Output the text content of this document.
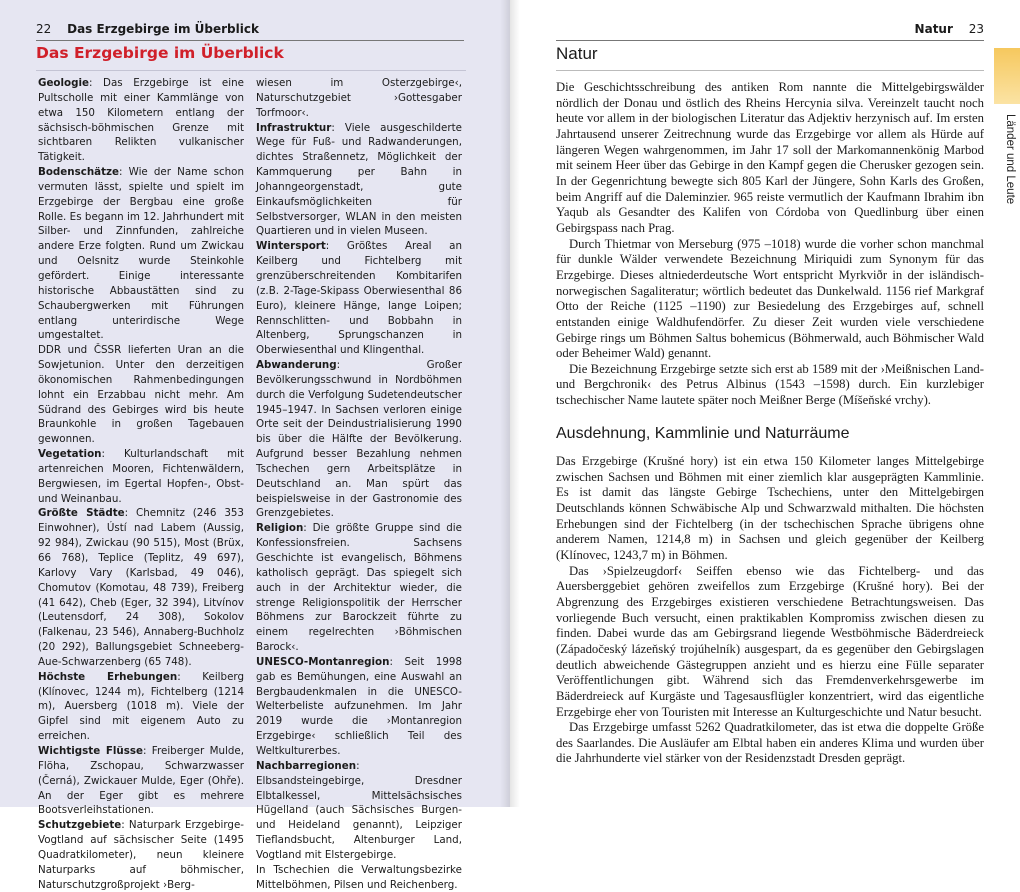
22 Das Erzgebirge im Überblick
Das Erzgebirge im Überblick

Geologie: Das Erzgebirge ist eine Pultscholle mit einer Kammlänge von etwa 150 Kilometern entlang der sächsisch-böhmischen Grenze mit sichtbaren Relikten vulkanischer Tätigkeit.

Bodenschätze: Wie der Name schon vermuten lässt, spielte und spielt im Erzgebirge der Bergbau eine große Rolle. Es begann im 12. Jahrhundert mit Silber- und Zinnfunden, zahlreiche andere Erze folgten. Rund um Zwickau und Oelsnitz wurde Steinkohle gefördert. Einige interessante historische Abbaustätten sind zu Schaubergwerken mit Führungen entlang unterirdische Wege umgestaltet.

DDR und ČSSR lieferten Uran an die Sowjetunion. Unter den derzeitigen ökonomischen Rahmenbedingungen lohnt ein Erzabbau nicht mehr. Am Südrand des Gebirges wird bis heute Braunkohle in großen Tagebauen gewonnen.

Vegetation: Kulturlandschaft mit artenreichen Mooren, Fichtenwäldern, Bergwiesen, im Egertal Hopfen-, Obst- und Weinanbau.

Größte Städte: Chemnitz (246 353 Einwohner), Ústí nad Labem (Aussig, 92 984), Zwickau (90 515), Most (Brüx, 66 768), Teplice (Teplitz, 49 697), Karlovy Vary (Karlsbad, 49 046), Chomutov (Komotau, 48 739), Freiberg (41 642), Cheb (Eger, 32 394), Litvínov (Leutensdorf, 24 308), Sokolov (Falkenau, 23 546), Annaberg-Buchholz (20 292), Ballungsgebiet Schneeberg-Aue-Schwarzenberg (65 748).

Höchste Erhebungen: Keilberg (Klínovec, 1244 m), Fichtelberg (1214 m), Auersberg (1018 m). Viele der Gipfel sind mit eigenem Auto zu erreichen.

Wichtigste Flüsse: Freiberger Mulde, Flöha, Zschopau, Schwarzwasser (Černá), Zwickauer Mulde, Eger (Ohře). An der Eger gibt es mehrere Bootsverleihstationen.

Schutzgebiete: Naturpark Erzgebirge-Vogtland auf sächsischer Seite (1495 Quadratkilometer), neun kleinere Naturparks auf böhmischer, Naturschutzgroßprojekt ›Berg-

wiesen im Osterzgebirge‹, Naturschutzgebiet ›Gottesgaber Torfmoor‹.

Infrastruktur: Viele ausgeschilderte Wege für Fuß- und Radwanderungen, dichtes Straßennetz, Möglichkeit der Kammquerung per Bahn in Johanngeorgenstadt, gute Einkaufsmöglichkeiten für Selbstversorger, WLAN in den meisten Quartieren und in vielen Museen.

Wintersport: Größtes Areal an Keilberg und Fichtelberg mit grenzüberschreitenden Kombitarifen (z.B. 2-Tage-Skipass Oberwiesenthal 86 Euro), kleinere Hänge, lange Loipen; Rennschlitten- und Bobbahn in Altenberg, Sprungschanzen in Oberwiesenthal und Klingenthal.

Abwanderung: Großer Bevölkerungsschwund in Nordböhmen durch die Verfolgung Sudetendeutscher 1945–1947. In Sachsen verloren einige Orte seit der Deindustrialisierung 1990 bis über die Hälfte der Bevölkerung. Aufgrund besser Bezahlung nehmen Tschechen gern Arbeitsplätze in Deutschland an. Man spürt das beispielsweise in der Gastronomie des Grenzgebietes.

Religion: Die größte Gruppe sind die Konfessionsfreien. Sachsens Geschichte ist evangelisch, Böhmens katholisch geprägt. Das spiegelt sich auch in der Architektur wieder, die strenge Religionspolitik der Herrscher Böhmens zur Barockzeit führte zu einem regelrechten ›Böhmischen Barock‹.

UNESCO-Montanregion: Seit 1998 gab es Bemühungen, eine Auswahl an Bergbaudenkmalen in die UNESCO-Welterbeliste aufzunehmen. Im Jahr 2019 wurde die ›Montanregion Erzgebirge‹ schließlich Teil des Weltkulturerbes.

Nachbarregionen: Elbsandsteingebirge, Dresdner Elbtalkessel, Mittelsächsisches Hügelland (auch Sächsisches Burgen- und Heideland genannt), Leipziger Tieflandsbucht, Altenburger Land, Vogtland mit Elstergebirge.

In Tschechien die Verwaltungsbezirke Mittelböhmen, Pilsen und Reichenberg.

Natur 23
Natur

Die Geschichtsschreibung des antiken Rom nannte die Mittelgebirgswälder nördlich der Donau und östlich des Rheins Hercynia silva. Vereinzelt taucht noch heute vor allem in der biologischen Literatur das Adjektiv herzynisch auf. Im ersten Jahrtausend unserer Zeitrechnung wurde das Erzgebirge vor allem als Hürde auf längeren Wegen wahrgenommen, im Jahr 17 soll der Markomannenkönig Marbod mit seinem Heer über das Gebirge in den Kampf gegen die Cherusker gezogen sein. In der Gegenrichtung bewegte sich 805 Karl der Jüngere, Sohn Karls des Großen, beim Angriff auf die Daleminzier. 965 reiste vermutlich der Kaufmann Ibrahim ibn Yaqub als Gesandter des Kalifen von Córdoba von Quedlinburg über einen Gebirgspass nach Prag.

Durch Thietmar von Merseburg (975 –1018) wurde die vorher schon manchmal für dunkle Wälder verwendete Bezeichnung Miriquidi zum Synonym für das Erzgebirge. Dieses altniederdeutsche Wort entspricht Myrkviðr in der isländisch-norwegischen Sagaliteratur; wörtlich bedeutet das Dunkelwald. 1156 rief Markgraf Otto der Reiche (1125 –1190) zur Besiedelung des Erzgebirges auf, schnell entstanden einige Waldhufendörfer. Zu dieser Zeit wurden viele verschiedene Gebirge rings um Böhmen Saltus bohemicus (Böhmerwald, auch Böhmischer Wald oder Beheimer Wald) genannt.

Die Bezeichnung Erzgebirge setzte sich erst ab 1589 mit der ›Meißnischen Land- und Bergchronik‹ des Petrus Albinus (1543 –1598) durch. Ein kurzlebiger tschechischer Name lautete später noch Meißner Berge (Míšeňské vrchy).

Ausdehnung, Kammlinie und Naturräume

Das Erzgebirge (Krušné hory) ist ein etwa 150 Kilometer langes Mittelgebirge zwischen Sachsen und Böhmen mit einer ziemlich klar ausgeprägten Kammlinie. Es ist damit das längste Gebirge Tschechiens, unter den Mittelgebirgen Deutschlands können Schwäbische Alp und Schwarzwald mithalten. Die höchsten Erhebungen sind der Fichtelberg (in der tschechischen Sprache übrigens ohne anderem Namen, 1214,8 m) in Sachsen und gleich gegenüber der Keilberg (Klínovec, 1243,7 m) in Böhmen.

Das ›Spielzeugdorf‹ Seiffen ebenso wie das Fichtelberg- und das Auersberggebiet gehören zweifellos zum Erzgebirge (Krušné hory). Bei der Abgrenzung des Erzgebirges existieren verschiedene Betrachtungsweisen. Das vorliegende Buch versucht, einen praktikablen Kompromiss zwischen diesen zu finden. Dabei wurde das am Gebirgsrand liegende Westböhmische Bäderdreieck (Západočeský lázeňský trojúhelník) ausgespart, da es gegenüber den Gebirgslagen deutlich abweichende Gästegruppen anzieht und es hierzu eine Fülle separater Veröffentlichungen gibt. Während sich das Fremdenverkehrsgewerbe im Bäderdreieck auf Kurgäste und Tagesausflügler konzentriert, wird das eigentliche Erzgebirge eher von Touristen mit Interesse an Kulturgeschichte und Natur besucht.

Das Erzgebirge umfasst 5262 Quadratkilometer, das ist etwa die doppelte Größe des Saarlandes. Die Ausläufer am Elbtal haben ein anderes Klima und wurden über die Jahrhunderte viel stärker von der Residenzstadt Dresden geprägt.

Länder und Leute
